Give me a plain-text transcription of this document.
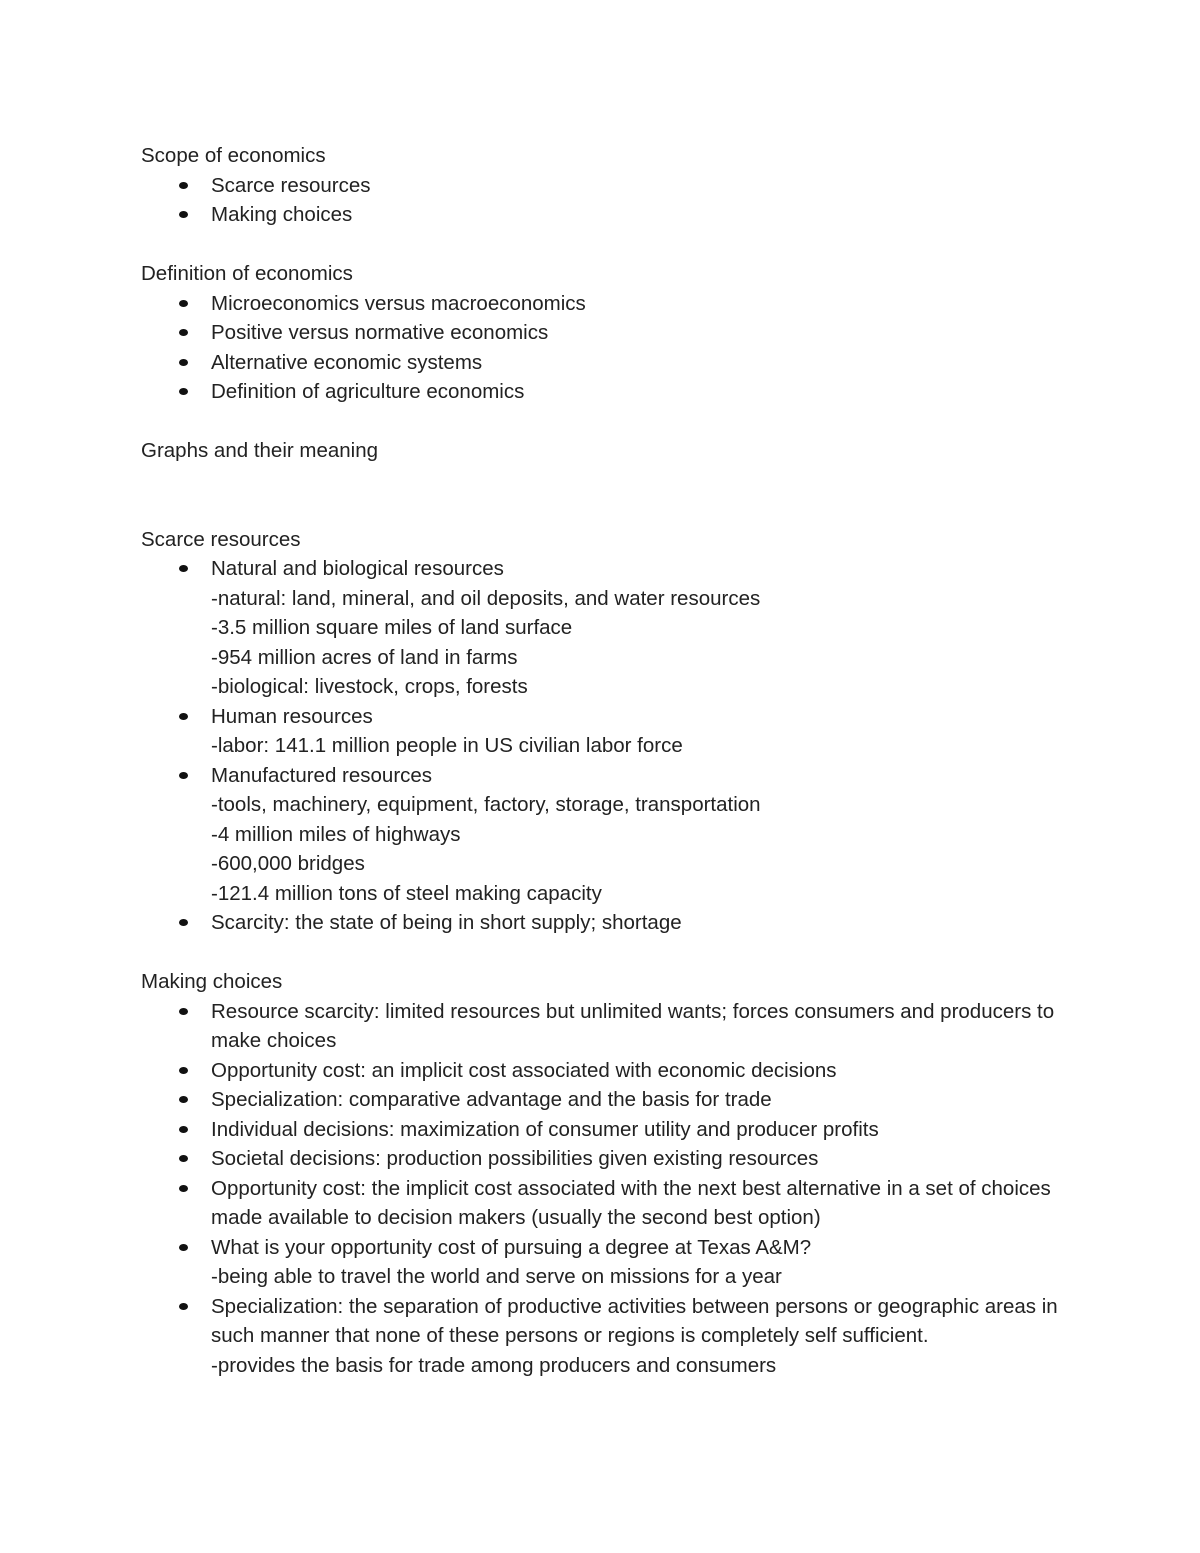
Scope of economics
Scarce resources
Making choices
Definition of economics
Microeconomics versus macroeconomics
Positive versus normative economics
Alternative economic systems
Definition of agriculture economics
Graphs and their meaning
Scarce resources
Natural and biological resources
-natural: land, mineral, and oil deposits, and water resources
-3.5 million square miles of land surface
-954 million acres of land in farms
-biological: livestock, crops, forests
Human resources
-labor: 141.1 million people in US civilian labor force
Manufactured resources
-tools, machinery, equipment, factory, storage, transportation
-4 million miles of highways
-600,000 bridges
-121.4 million tons of steel making capacity
Scarcity: the state of being in short supply; shortage
Making choices
Resource scarcity: limited resources but unlimited wants; forces consumers and producers to make choices
Opportunity cost: an implicit cost associated with economic decisions
Specialization: comparative advantage and the basis for trade
Individual decisions: maximization of consumer utility and producer profits
Societal decisions: production possibilities given existing resources
Opportunity cost: the implicit cost associated with the next best alternative in a set of choices made available to decision makers (usually the second best option)
What is your opportunity cost of pursuing a degree at Texas A&M?
-being able to travel the world and serve on missions for a year
Specialization: the separation of productive activities between persons or geographic areas in such manner that none of these persons or regions is completely self sufficient.
-provides the basis for trade among producers and consumers
